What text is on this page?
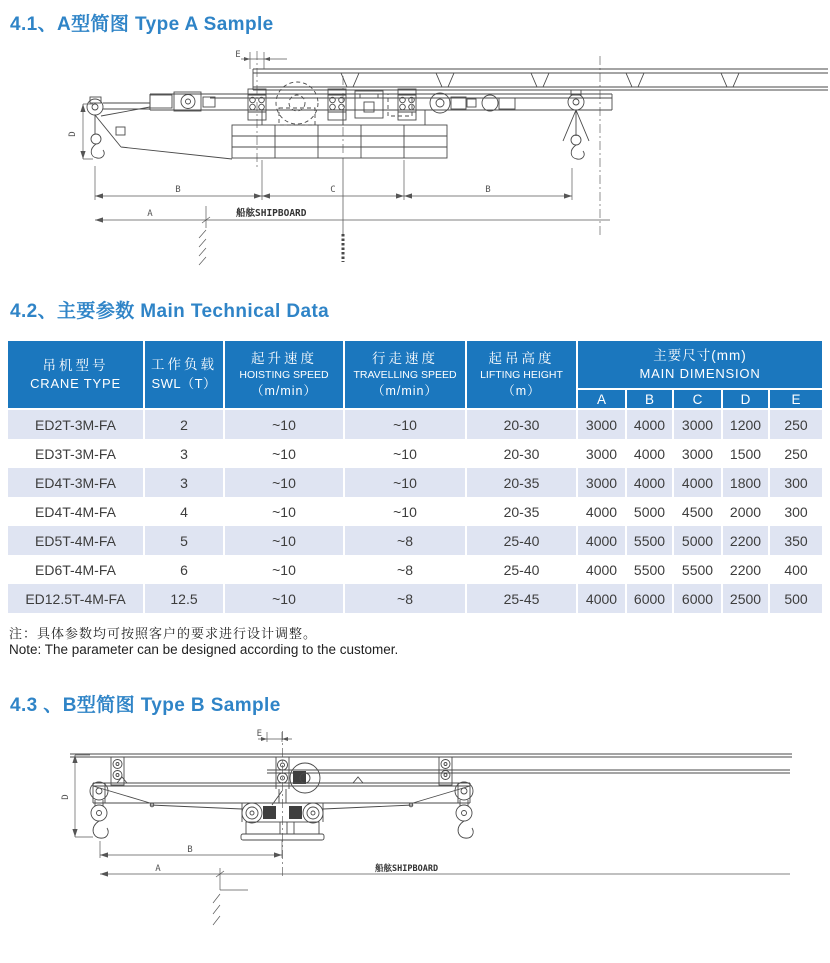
4.1、A型简图 Type A Sample
E
D
B	C	B
A	船舷SHIPBOARD
4.2、主要参数 Main Technical Data
吊机型号
CRANE TYPE

工作负载
SWL（T）

起升速度
HOISTING SPEED
（m/min）

行走速度
TRAVELLING SPEED
（m/min）

起吊高度
LIFTING HEIGHT
（m）

主要尺寸(mm)
MAIN DIMENSION

					A	B	C	D	E
ED2T-3M-FA	2	~10	~10	20-30	3000	4000	3000	1200	250
ED3T-3M-FA	3	~10	~10	20-30	3000	4000	3000	1500	250
ED4T-3M-FA	3	~10	~10	20-35	3000	4000	4000	1800	300
ED4T-4M-FA	4	~10	~10	20-35	4000	5000	4500	2000	300
ED5T-4M-FA	5	~10	~8	25-40	4000	5500	5000	2200	350
ED6T-4M-FA	6	~10	~8	25-40	4000	5500	5500	2200	400
ED12.5T-4M-FA	12.5	~10	~8	25-45	4000	6000	6000	2500	500
注：具体参数均可按照客户的要求进行设计调整。
Note: The parameter can be designed according to the customer.
4.3 、B型简图 Type B Sample
E
D
B
A	船舷SHIPBOARD
